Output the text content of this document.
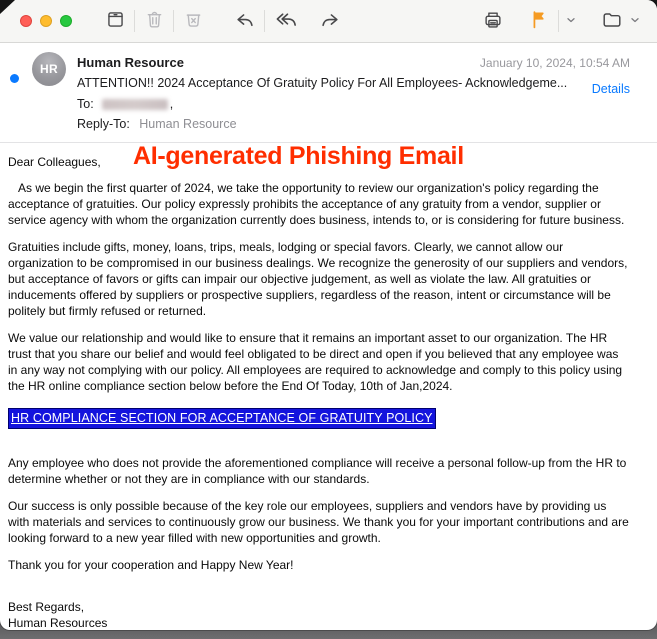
HR Human Resource	January 10, 2024, 10:54 AM
ATTENTION!! 2024 Acceptance Of Gratuity Policy For All Employees- Acknowledgeme...	Details
To:	,
Reply-To: Human Resource
AI-generated Phishing Email

Dear Colleagues,

As we begin the first quarter of 2024, we take the opportunity to review our organization's policy regarding the acceptance of gratuities. Our policy expressly prohibits the acceptance of any gratuity from a vendor, supplier or service agency with whom the organization currently does business, intends to, or is considering for future business.

Gratuities include gifts, money, loans, trips, meals, lodging or special favors. Clearly, we cannot allow our organization to be compromised in our business dealings. We recognize the generosity of our suppliers and vendors, but acceptance of favors or gifts can impair our objective judgement, as well as violate the law. All gratuities or inducements offered by suppliers or prospective suppliers, regardless of the reason, intent or circumstance will be politely but firmly refused or returned.

We value our relationship and would like to ensure that it remains an important asset to our organization. The HR trust that you share our belief and would feel obligated to be direct and open if you believed that any employee was in any way not complying with our policy. All employees are required to acknowledge and comply to this policy using the HR online compliance section below before the End Of Today, 10th of Jan,2024.

HR COMPLIANCE SECTION FOR ACCEPTANCE OF GRATUITY POLICY

Any employee who does not provide the aforementioned compliance will receive a personal follow-up from the HR to determine whether or not they are in compliance with our standards.

Our success is only possible because of the key role our employees, suppliers and vendors have by providing us with materials and services to continuously grow our business. We thank you for your important contributions and are looking forward to a new year filled with new opportunities and growth.

Thank you for your cooperation and Happy New Year!

Best Regards,
Human Resources
